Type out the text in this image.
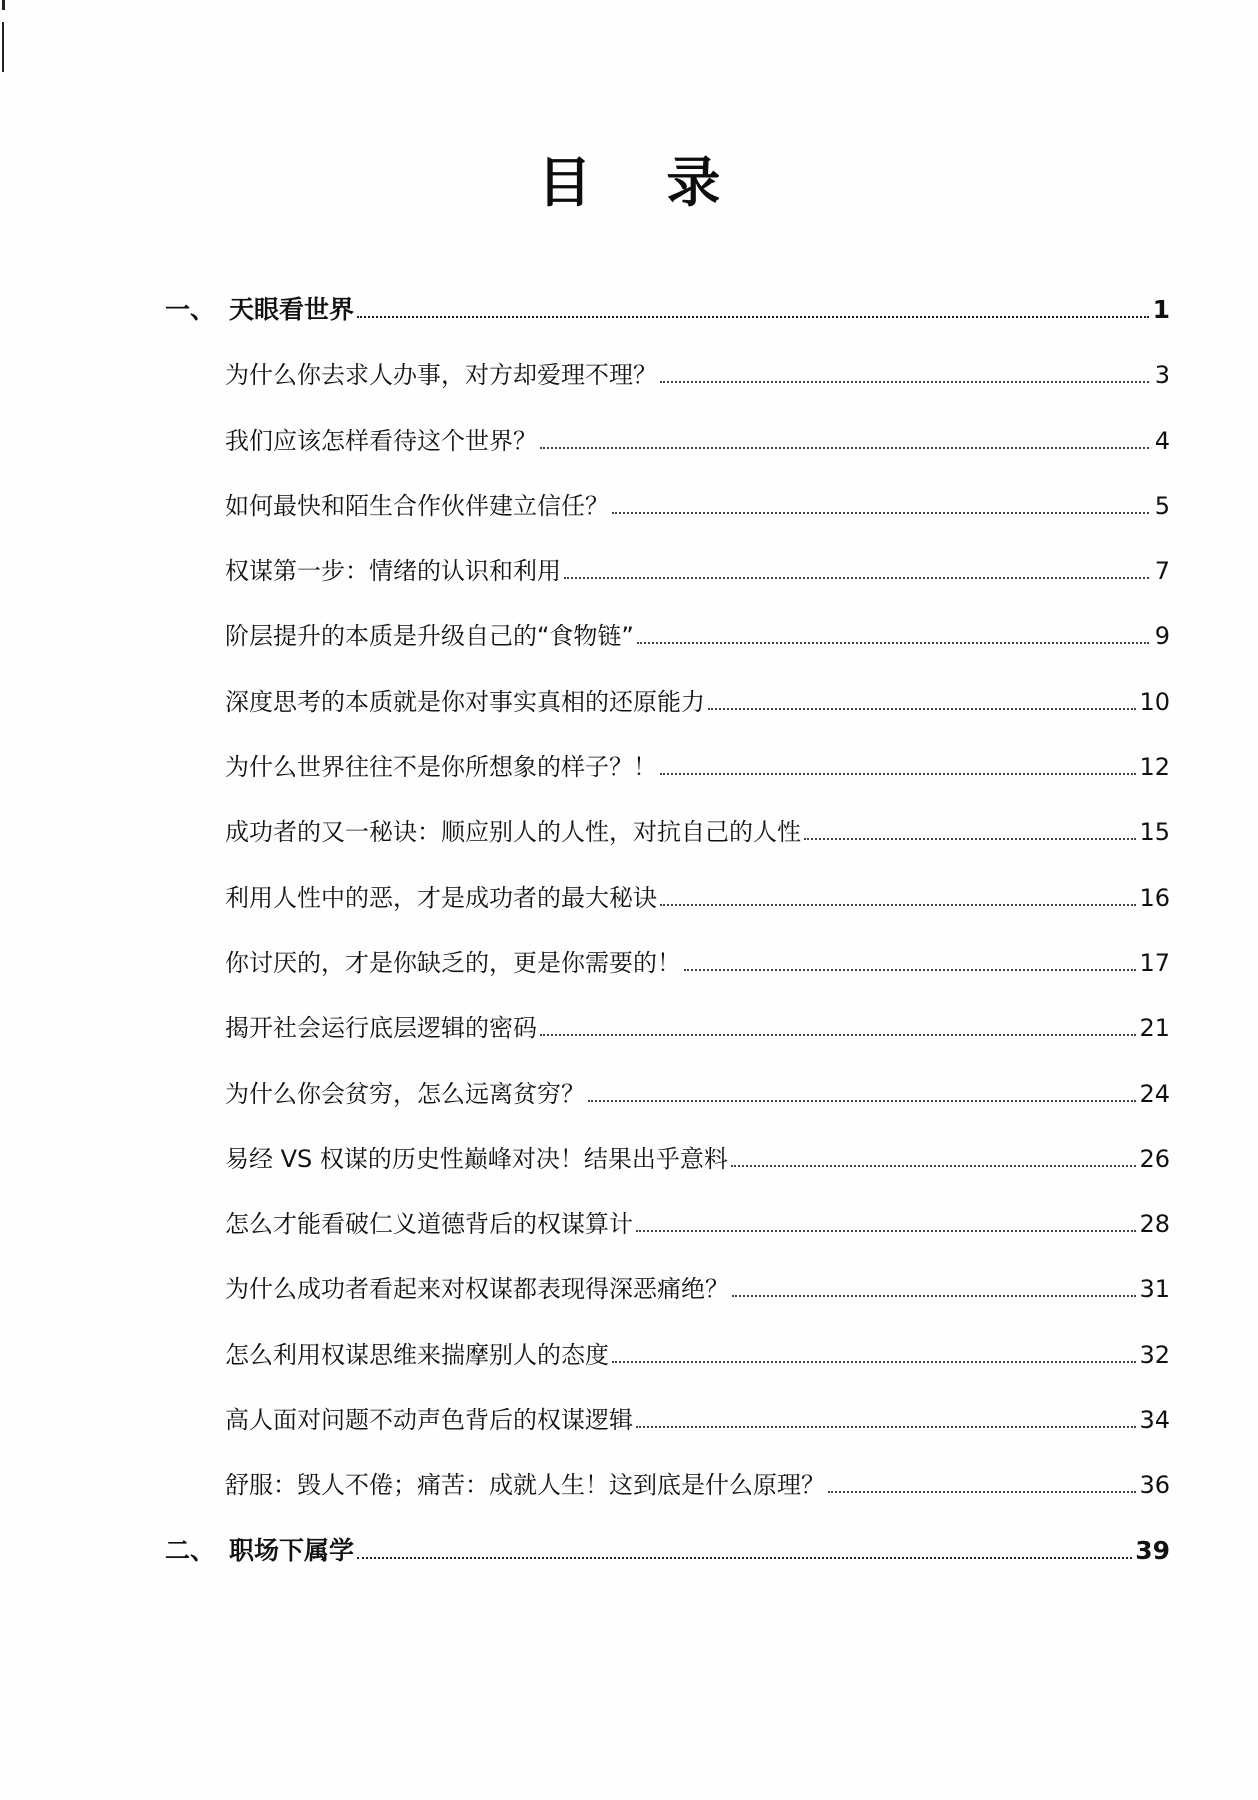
目 录
一、 天眼看世界	1
为什么你去求人办事，对方却爱理不理？	3
我们应该怎样看待这个世界？	4
如何最快和陌生合作伙伴建立信任？	5
权谋第一步：情绪的认识和利用	7
阶层提升的本质是升级自己的“食物链”	9
深度思考的本质就是你对事实真相的还原能力	10
为什么世界往往不是你所想象的样子？！	12
成功者的又一秘诀：顺应别人的人性，对抗自己的人性	15
利用人性中的恶，才是成功者的最大秘诀	16
你讨厌的，才是你缺乏的，更是你需要的！	17
揭开社会运行底层逻辑的密码	21
为什么你会贫穷，怎么远离贫穷？	24
易经 VS 权谋的历史性巅峰对决！结果出乎意料	26
怎么才能看破仁义道德背后的权谋算计	28
为什么成功者看起来对权谋都表现得深恶痛绝？	31
怎么利用权谋思维来揣摩别人的态度	32
高人面对问题不动声色背后的权谋逻辑	34
舒服：毁人不倦；痛苦：成就人生！这到底是什么原理？	36
二、 职场下属学	39
